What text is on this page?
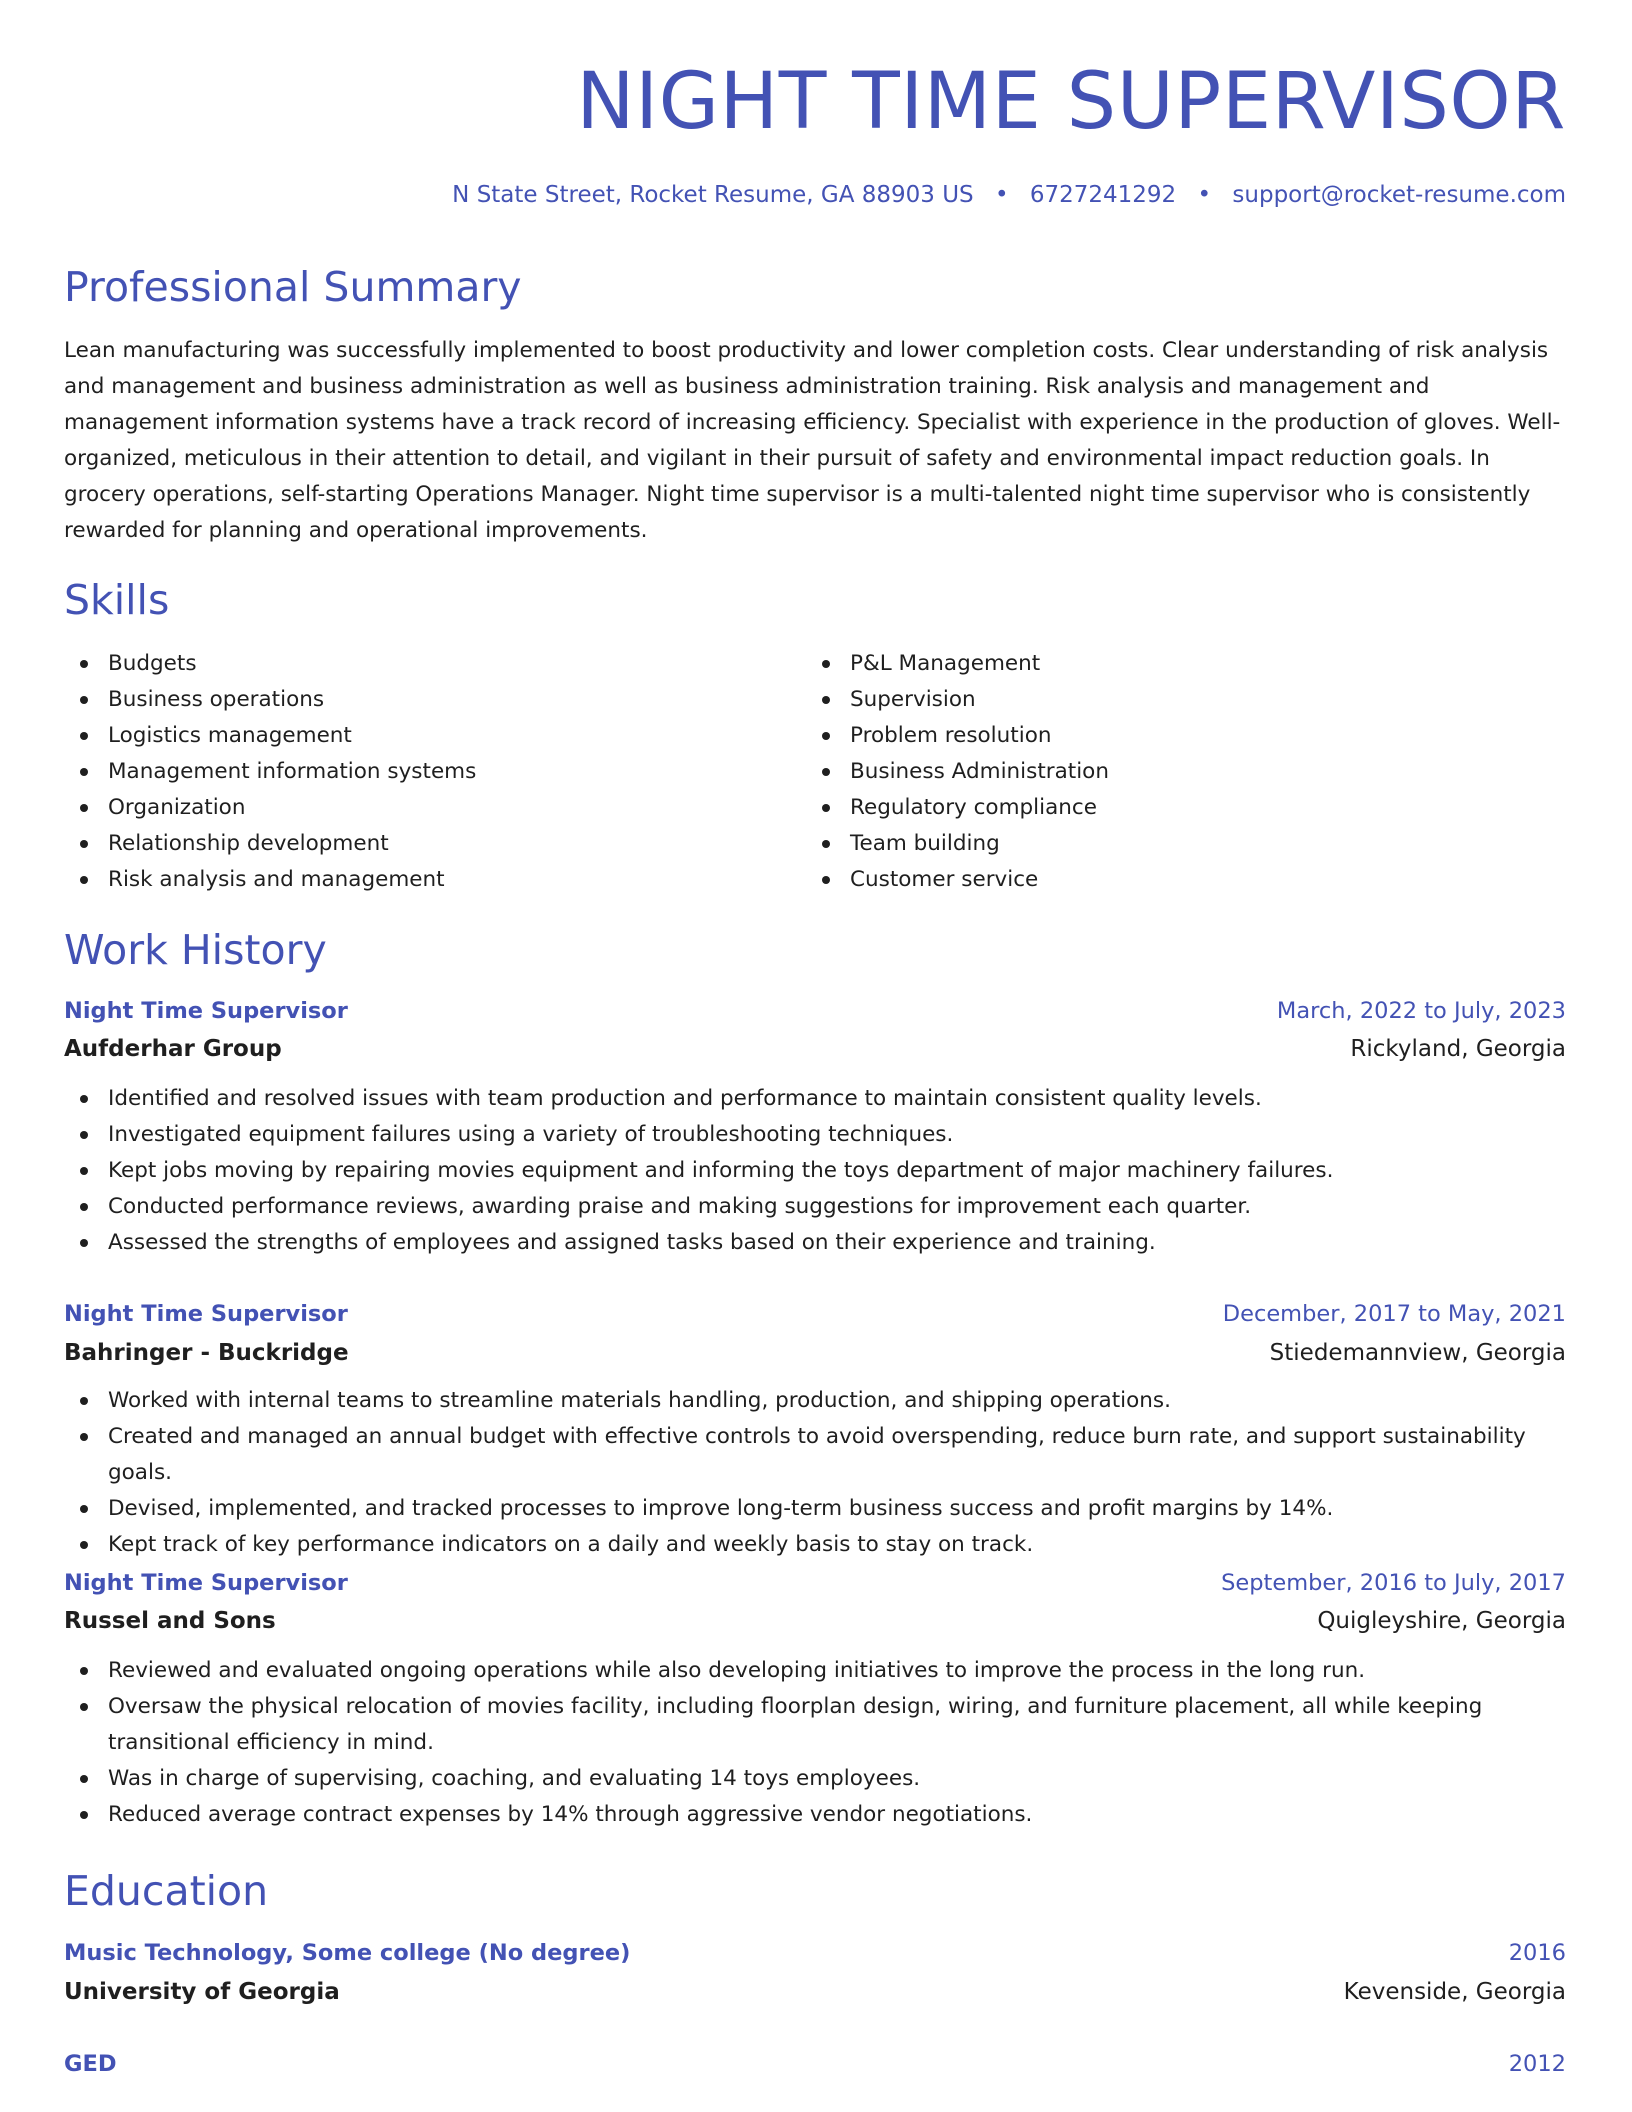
NIGHT TIME SUPERVISOR
N State Street, Rocket Resume, GA 88903 US • 6727241292 • support@rocket-resume.com
Professional Summary

Lean manufacturing was successfully implemented to boost productivity and lower completion costs. Clear understanding of risk analysis and management and business administration as well as business administration training. Risk analysis and management and management information systems have a track record of increasing efficiency. Specialist with experience in the production of gloves. Well-organized, meticulous in their attention to detail, and vigilant in their pursuit of safety and environmental impact reduction goals. In grocery operations, self-starting Operations Manager. Night time supervisor is a multi-talented night time supervisor who is consistently rewarded for planning and operational improvements.

Skills
Budgets
Business operations
Logistics management
Management information systems
Organization
Relationship development
Risk analysis and management
P&L Management
Supervision
Problem resolution
Business Administration
Regulatory compliance
Team building
Customer service
Work History
Night Time Supervisor	March, 2022 to July, 2023
Aufderhar Group	Rickyland, Georgia
Identified and resolved issues with team production and performance to maintain consistent quality levels.
Investigated equipment failures using a variety of troubleshooting techniques.
Kept jobs moving by repairing movies equipment and informing the toys department of major machinery failures.
Conducted performance reviews, awarding praise and making suggestions for improvement each quarter.
Assessed the strengths of employees and assigned tasks based on their experience and training.
Night Time Supervisor	December, 2017 to May, 2021
Bahringer - Buckridge	Stiedemannview, Georgia
Worked with internal teams to streamline materials handling, production, and shipping operations.
Created and managed an annual budget with effective controls to avoid overspending, reduce burn rate, and support sustainability goals.
Devised, implemented, and tracked processes to improve long-term business success and profit margins by 14%.
Kept track of key performance indicators on a daily and weekly basis to stay on track.
Night Time Supervisor	September, 2016 to July, 2017
Russel and Sons	Quigleyshire, Georgia
Reviewed and evaluated ongoing operations while also developing initiatives to improve the process in the long run.
Oversaw the physical relocation of movies facility, including floorplan design, wiring, and furniture placement, all while keeping transitional efficiency in mind.
Was in charge of supervising, coaching, and evaluating 14 toys employees.
Reduced average contract expenses by 14% through aggressive vendor negotiations.
Education
Music Technology, Some college (No degree)	2016
University of Georgia	Kevenside, Georgia
GED	2012
